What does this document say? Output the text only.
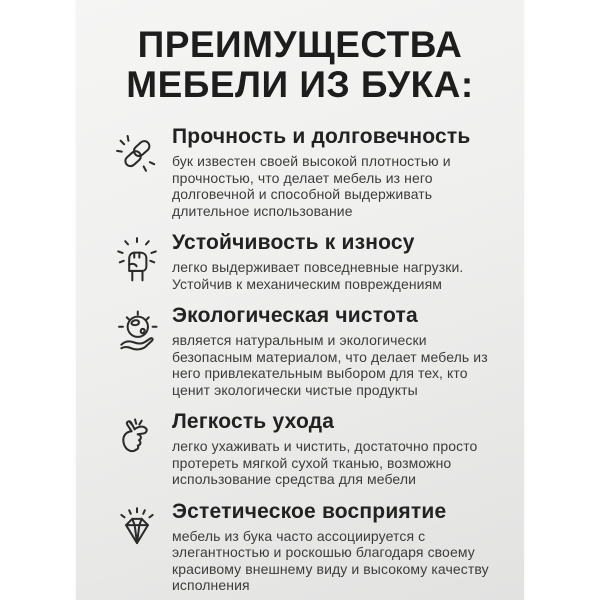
ПРЕИМУЩЕСТВА
МЕБЕЛИ ИЗ БУКА:
Прочность и долговечность
бук известен своей высокой плотностью и прочностью, что делает мебель из него долговечной и способной выдерживать длительное использование
Устойчивость к износу
легко выдерживает повседневные нагрузки. Устойчив к механическим повреждениям
Экологическая чистота
является натуральным и экологически безопасным материалом, что делает мебель из него привлекательным выбором для тех, кто ценит экологически чистые продукты
Легкость ухода
легко ухаживать и чистить, достаточно просто протереть мягкой сухой тканью, возможно использование средства для мебели
Эстетическое восприятие
мебель из бука часто ассоциируется с элегантностью и роскошью благодаря своему красивому внешнему виду и высокому качеству исполнения
